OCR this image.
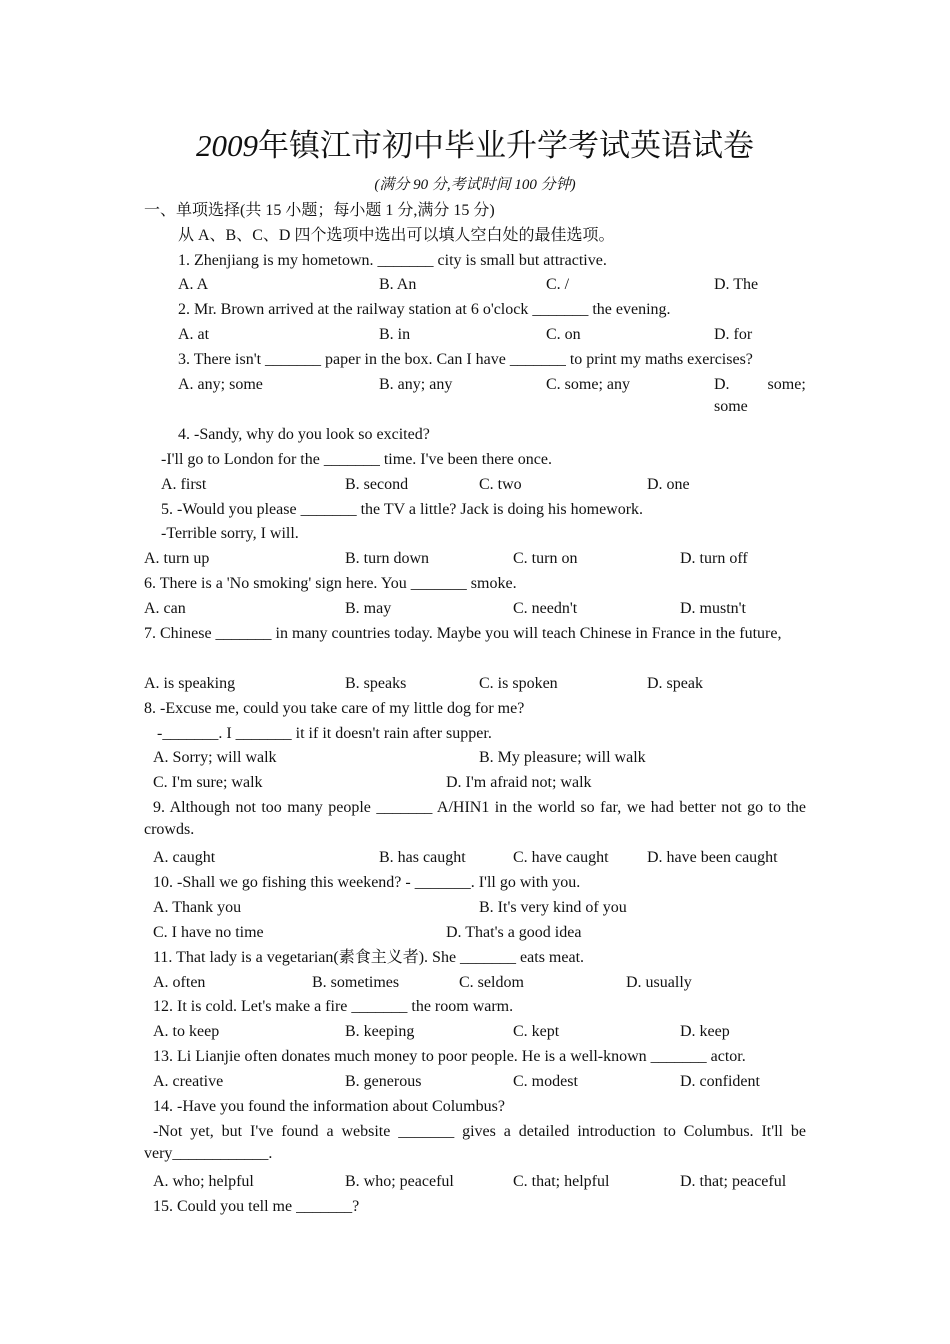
2009年镇江市初中毕业升学考试英语试卷
(满分 90 分,考试时间 100 分钟)
一、单项选择(共 15 小题；每小题 1 分,满分 15 分)
从 A、B、C、D 四个选项中选出可以填人空白处的最佳选项。
1. Zhenjiang is my hometown. _______ city is small but attractive.
A. A	B. An	C. /	D. The
2. Mr. Brown arrived at the railway station at 6 o'clock _______ the evening.
A. at	B. in	C. on	D. for
3. There isn't _______ paper in the box. Can I have _______ to print my maths exercises?
A. any; some	B. any; any	C. some; any	D. some; some
4. -Sandy, why do you look so excited?
-I'll go to London for the _______ time. I've been there once.
A. first	B. second	C. two	D. one
5. -Would you please _______ the TV a little? Jack is doing his homework.
-Terrible sorry, I will.
A. turn up	B. turn down	C. turn on	D. turn off
6. There is a 'No smoking' sign here. You _______ smoke.
A. can	B. may	C. needn't	D. mustn't
7. Chinese _______ in many countries today. Maybe you will teach Chinese in France in the future,
A. is speaking	B. speaks	C. is spoken	D. speak
8. -Excuse me, could you take care of my little dog for me?
-_______. I _______ it if it doesn't rain after supper.
A. Sorry; will walk	B. My pleasure; will walk
C. I'm sure; walk	D. I'm afraid not; walk
9. Although not too many people _______ A/HIN1 in the world so far, we had better not go to the crowds.
A. caught	B. has caught	C. have caught D. have been caught
10. -Shall we go fishing this weekend? - _______. I'll go with you.
A. Thank you	B. It's very kind of you
C. I have no time	D. That's a good idea
11. That lady is a vegetarian(素食主义者). She _______ eats meat.
A. often	B. sometimes	C. seldom	D. usually
12. It is cold. Let's make a fire _______ the room warm.
A. to keep	B. keeping	C. kept	D. keep
13. Li Lianjie often donates much money to poor people. He is a well-known _______ actor.
A. creative	B. generous	C. modest	D. confident
14. -Have you found the information about Columbus?
-Not yet, but I've found a website _______ gives a detailed introduction to Columbus. It'll be very____________.
A. who; helpful	B. who; peaceful	C. that; helpful	D. that; peaceful
15. Could you tell me _______?
